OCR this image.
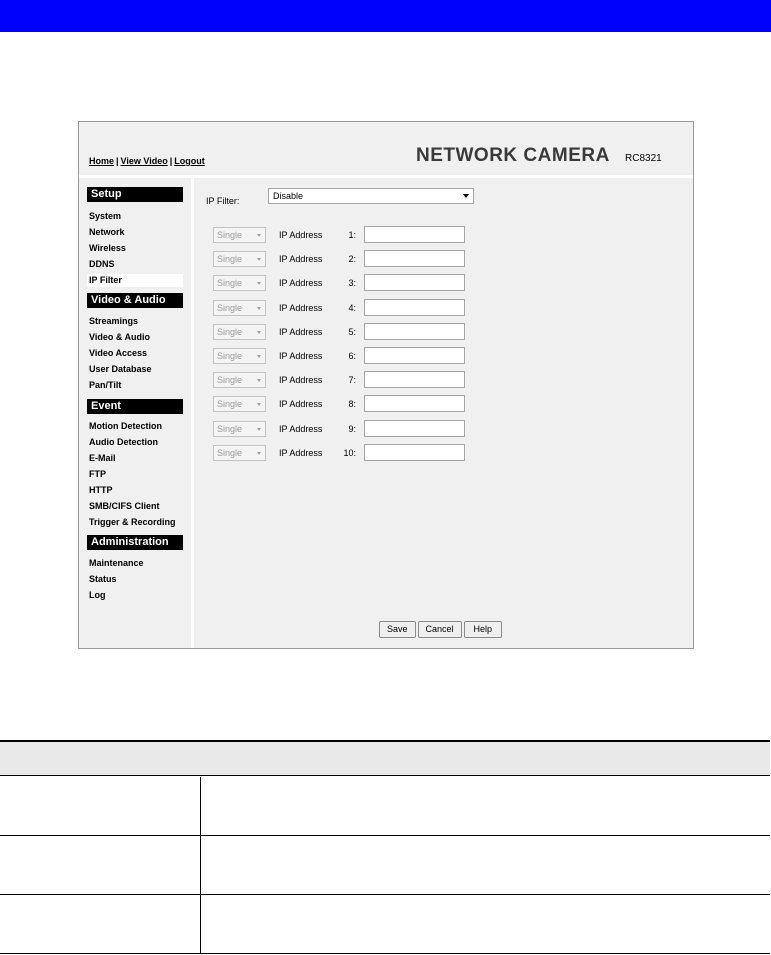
Home | View Video | Logout	NETWORK CAMERA RC8321
Setup
System
Network
Wireless
DDNS
IP Filter
Video & Audio
Streamings
Video & Audio
Video Access
User Database
Pan/Tilt
Event
Motion Detection
Audio Detection
E-Mail
FTP
HTTP
SMB/CIFS Client
Trigger & Recording
Administration
Maintenance
Status
Log
IP Filter:	Disable
Single	IP Address	1:
Single	IP Address	2:
Single	IP Address	3:
Single	IP Address	4:
Single	IP Address	5:
Single	IP Address	6:
Single	IP Address	7:
Single	IP Address	8:
Single	IP Address	9:
Single	IP Address	10:
Save Cancel Help
